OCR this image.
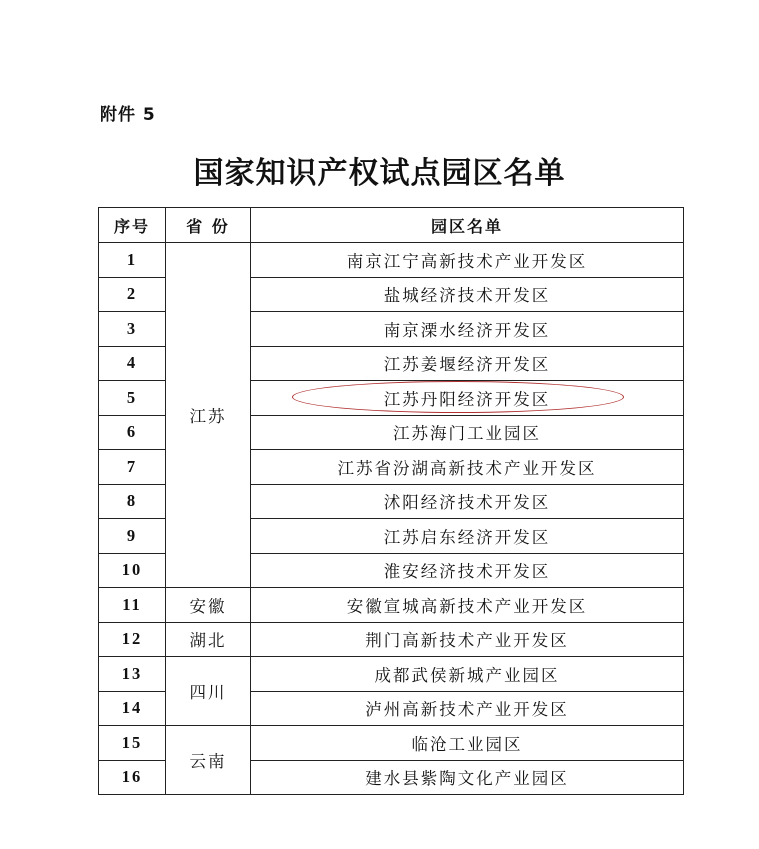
附件 5
国家知识产权试点园区名单
序号	省 份	园区名单
1	江苏	南京江宁高新技术产业开发区
2		盐城经济技术开发区
3		南京溧水经济开发区
4		江苏姜堰经济开发区
5		江苏丹阳经济开发区
6		江苏海门工业园区
7		江苏省汾湖高新技术产业开发区
8		沭阳经济技术开发区
9		江苏启东经济开发区
10		淮安经济技术开发区
11	安徽	安徽宣城高新技术产业开发区
12	湖北	荆门高新技术产业开发区
13	四川	成都武侯新城产业园区
14		泸州高新技术产业开发区
15	云南	临沧工业园区
16		建水县紫陶文化产业园区
